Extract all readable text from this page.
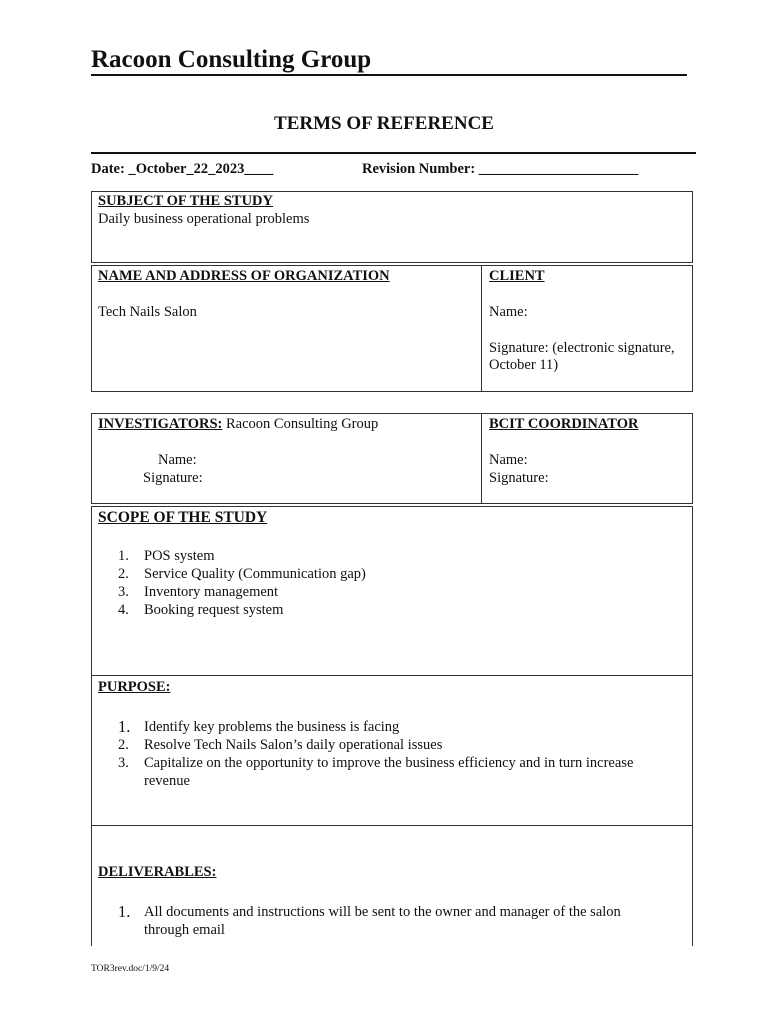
Racoon Consulting Group
TERMS OF REFERENCE
Date: _October_22_2023____	Revision Number: ______________________
SUBJECT OF THE STUDY
Daily business operational problems
NAME AND ADDRESS OF ORGANIZATION
Tech Nails Salon
CLIENT
Name:
Signature: (electronic signature,
October 11)
INVESTIGATORS: Racoon Consulting Group
Name:
Signature:
BCIT COORDINATOR
Name:
Signature:
SCOPE OF THE STUDY
1. POS system
2. Service Quality (Communication gap)
3. Inventory management
4. Booking request system
PURPOSE:
1. Identify key problems the business is facing
2. Resolve Tech Nails Salon’s daily operational issues
3. Capitalize on the opportunity to improve the business efficiency and in turn increase
revenue
DELIVERABLES:
1. All documents and instructions will be sent to the owner and manager of the salon
through email
TOR3rev.doc/1/9/24
